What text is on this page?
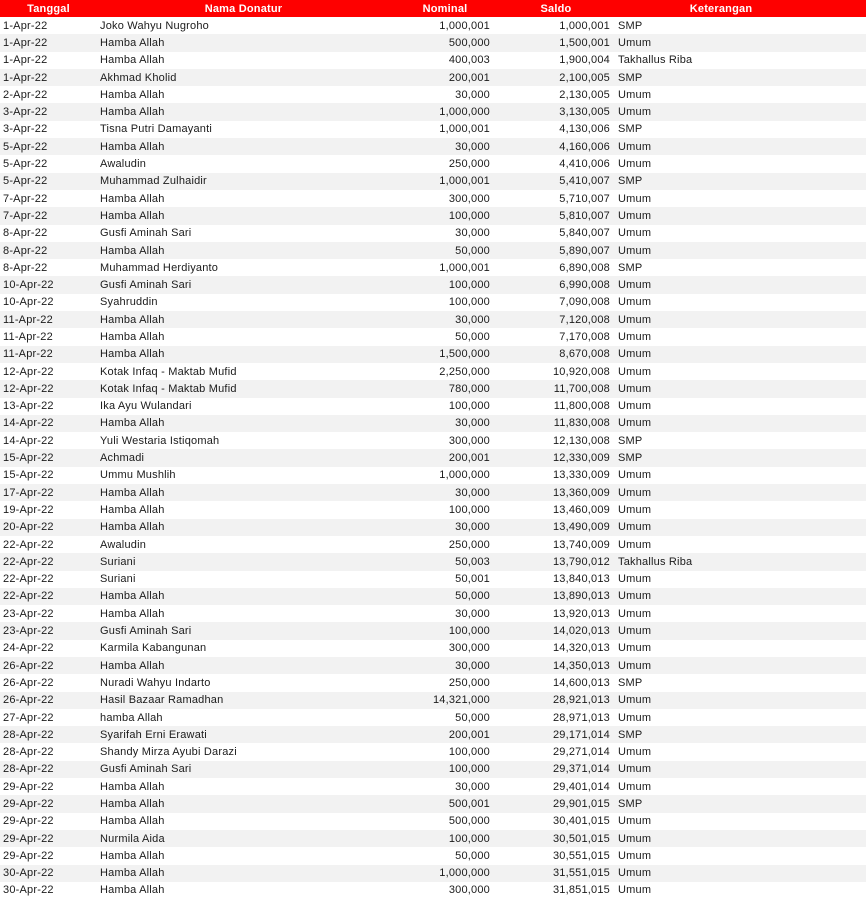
Tanggal	Nama Donatur	Nominal	Saldo	Keterangan
1-Apr-22	Joko Wahyu Nugroho	1,000,001	1,000,001	SMP
1-Apr-22	Hamba Allah	500,000	1,500,001	Umum
1-Apr-22	Hamba Allah	400,003	1,900,004	Takhallus Riba
1-Apr-22	Akhmad Kholid	200,001	2,100,005	SMP
2-Apr-22	Hamba Allah	30,000	2,130,005	Umum
3-Apr-22	Hamba Allah	1,000,000	3,130,005	Umum
3-Apr-22	Tisna Putri Damayanti	1,000,001	4,130,006	SMP
5-Apr-22	Hamba Allah	30,000	4,160,006	Umum
5-Apr-22	Awaludin	250,000	4,410,006	Umum
5-Apr-22	Muhammad Zulhaidir	1,000,001	5,410,007	SMP
7-Apr-22	Hamba Allah	300,000	5,710,007	Umum
7-Apr-22	Hamba Allah	100,000	5,810,007	Umum
8-Apr-22	Gusfi Aminah Sari	30,000	5,840,007	Umum
8-Apr-22	Hamba Allah	50,000	5,890,007	Umum
8-Apr-22	Muhammad Herdiyanto	1,000,001	6,890,008	SMP
10-Apr-22	Gusfi Aminah Sari	100,000	6,990,008	Umum
10-Apr-22	Syahruddin	100,000	7,090,008	Umum
11-Apr-22	Hamba Allah	30,000	7,120,008	Umum
11-Apr-22	Hamba Allah	50,000	7,170,008	Umum
11-Apr-22	Hamba Allah	1,500,000	8,670,008	Umum
12-Apr-22	Kotak Infaq - Maktab Mufid	2,250,000	10,920,008	Umum
12-Apr-22	Kotak Infaq - Maktab Mufid	780,000	11,700,008	Umum
13-Apr-22	Ika Ayu Wulandari	100,000	11,800,008	Umum
14-Apr-22	Hamba Allah	30,000	11,830,008	Umum
14-Apr-22	Yuli Westaria Istiqomah	300,000	12,130,008	SMP
15-Apr-22	Achmadi	200,001	12,330,009	SMP
15-Apr-22	Ummu Mushlih	1,000,000	13,330,009	Umum
17-Apr-22	Hamba Allah	30,000	13,360,009	Umum
19-Apr-22	Hamba Allah	100,000	13,460,009	Umum
20-Apr-22	Hamba Allah	30,000	13,490,009	Umum
22-Apr-22	Awaludin	250,000	13,740,009	Umum
22-Apr-22	Suriani	50,003	13,790,012	Takhallus Riba
22-Apr-22	Suriani	50,001	13,840,013	Umum
22-Apr-22	Hamba Allah	50,000	13,890,013	Umum
23-Apr-22	Hamba Allah	30,000	13,920,013	Umum
23-Apr-22	Gusfi Aminah Sari	100,000	14,020,013	Umum
24-Apr-22	Karmila Kabangunan	300,000	14,320,013	Umum
26-Apr-22	Hamba Allah	30,000	14,350,013	Umum
26-Apr-22	Nuradi Wahyu Indarto	250,000	14,600,013	SMP
26-Apr-22	Hasil Bazaar Ramadhan	14,321,000	28,921,013	Umum
27-Apr-22	hamba Allah	50,000	28,971,013	Umum
28-Apr-22	Syarifah Erni Erawati	200,001	29,171,014	SMP
28-Apr-22	Shandy Mirza Ayubi Darazi	100,000	29,271,014	Umum
28-Apr-22	Gusfi Aminah Sari	100,000	29,371,014	Umum
29-Apr-22	Hamba Allah	30,000	29,401,014	Umum
29-Apr-22	Hamba Allah	500,001	29,901,015	SMP
29-Apr-22	Hamba Allah	500,000	30,401,015	Umum
29-Apr-22	Nurmila Aida	100,000	30,501,015	Umum
29-Apr-22	Hamba Allah	50,000	30,551,015	Umum
30-Apr-22	Hamba Allah	1,000,000	31,551,015	Umum
30-Apr-22	Hamba Allah	300,000	31,851,015	Umum
